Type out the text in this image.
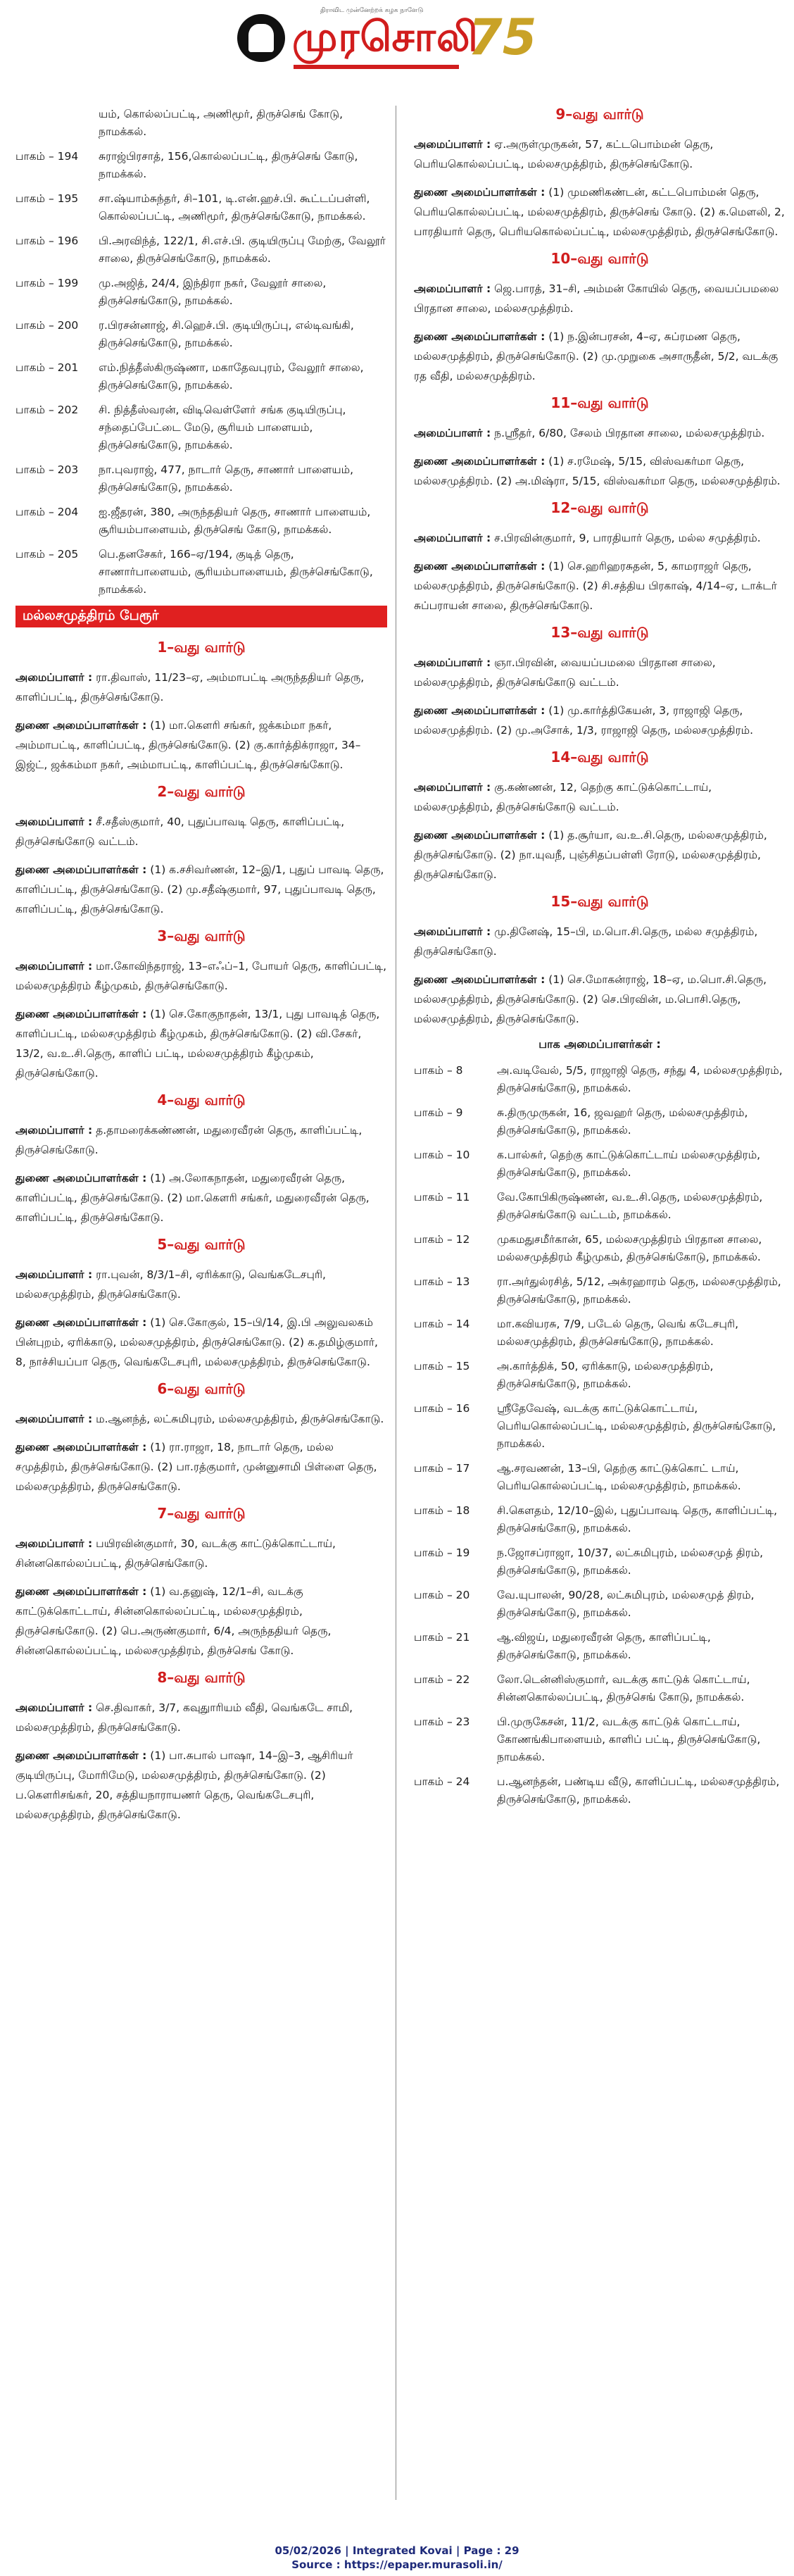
திராவிட முன்னேற்றக் கழக நாளேடு
முரசொலி
75
யம், கொல்லப்பட்டி, அணிமூர், திருச்செங் கோடு, நாமக்கல்.
பாகம் – 194	சுராஜ்பிரசாத், 156,கொல்லப்பட்டி, திருச்செங் கோடு, நாமக்கல்.
பாகம் – 195	சா.ஷ்யாம்சுந்தர், சி–101, டி.என்.ஹச்.பி. கூட்டப்பள்ளி, கொல்லப்பட்டி, அணிமூர், திருச்செங்கோடு, நாமக்கல்.
பாகம் – 196	பி.அரவிந்த், 122/1, சி.எச்.பி. குடியிருப்பு மேற்கு, வேலூர் சாலை, திருச்செங்கோடு, நாமக்கல்.
பாகம் – 199	மு.அஜித், 24/4, இந்திரா நகர், வேலூர் சாலை, திருச்செங்கோடு, நாமக்கல்.
பாகம் – 200	ர.பிரசன்னாஜ், சி.ஹெச்.பி. குடியிருப்பு, எல்டிவங்கி, திருச்செங்கோடு, நாமக்கல்.
பாகம் – 201	எம்.நித்தீஸ்கிருஷ்ணா, மகாதேவபுரம், வேலூர் சாலை, திருச்செங்கோடு, நாமக்கல்.
பாகம் – 202	சி. நித்தீஸ்வரன், விடிவெள்ளோ் சங்க குடியிருப்பு, சந்தைப்பேட்டை மேடு, சூரியம் பாளையம், திருச்செங்கோடு, நாமக்கல்.
பாகம் – 203	நா.புவராஜ், 477, நாடார் தெரு, சாணார் பாளையம், திருச்செங்கோடு, நாமக்கல்.
பாகம் – 204	ஐ.ஜீதரன், 380, அருந்ததியர் தெரு, சாணார் பாளையம், சூரியம்பாளையம், திருச்செங் கோடு, நாமக்கல்.
பாகம் – 205	பெ.தனசேகர், 166–ஏ/194, குடித் தெரு, சாணார்பாளையம், சூரியம்பாளையம், திருச்செங்கோடு, நாமக்கல்.
மல்லசமுத்திரம் பேரூர்
1–வது வார்டு
அமைப்பாளர் : ரா.திவாஸ், 11/23–ஏ, அம்மாபட்டி அருந்ததியர் தெரு, காளிப்பட்டி, திருச்செங்கோடு.
துணை அமைப்பாளர்கள் : (1) மா.கௌரி சங்கர், ஜக்கம்மா நகர், அம்மாபட்டி, காளிப்பட்டி, திருச்செங்கோடு. (2) கு.கார்த்திக்ராஜா, 34–இஜ்ட், ஜக்கம்மா நகர், அம்மாபட்டி, காளிப்பட்டி, திருச்செங்கோடு.
2–வது வார்டு
அமைப்பாளர் : சீ.சதீஸ்குமார், 40, புதுப்பாவடி தெரு, காளிப்பட்டி, திருச்செங்கோடு வட்டம்.
துணை அமைப்பாளர்கள் : (1) க.சசிவர்ணன், 12–இ/1, புதுப் பாவடி தெரு, காளிப்பட்டி, திருச்செங்கோடு. (2) மு.சதீஷ்குமார், 97, புதுப்பாவடி தெரு, காளிப்பட்டி, திருச்செங்கோடு.
3–வது வார்டு
அமைப்பாளர் : மா.கோவிந்தராஜ், 13–எஃப்–1, போயர் தெரு, காளிப்பட்டி, மல்லசமுத்திரம் கீழ்முகம், திருச்செங்கோடு.
துணை அமைப்பாளர்கள் : (1) செ.கோகுநாதன், 13/1, புது பாவடித் தெரு, காளிப்பட்டி, மல்லசமுத்திரம் கீழ்முகம், திருச்செங்கோடு. (2) வி.சேகர், 13/2, வ.உ.சி.தெரு, காளிப் பட்டி, மல்லசமுத்திரம் கீழ்முகம், திருச்செங்கோடு.
4–வது வார்டு
அமைப்பாளர் : த.தாமரைக்கண்ணன், மதுரைவீரன் தெரு, காளிப்பட்டி, திருச்செங்கோடு.
துணை அமைப்பாளர்கள் : (1) அ.லோகநாதன், மதுரைவீரன் தெரு, காளிப்பட்டி, திருச்செங்கோடு. (2) மா.கௌரி சங்கர், மதுரைவீரன் தெரு, காளிப்பட்டி, திருச்செங்கோடு.
5–வது வார்டு
அமைப்பாளர் : ரா.புவன், 8/3/1–சி, ஏரிக்காடு, வெங்கடேசபுரி, மல்லசமுத்திரம், திருச்செங்கோடு.
துணை அமைப்பாளர்கள் : (1) செ.கோகுல், 15–பி/14, இ.பி அலுவலகம் பின்புறம், ஏரிக்காடு, மல்லசமுத்திரம், திருச்செங்கோடு. (2) க.தமிழ்குமார், 8, நாச்சியப்பா தெரு, வெங்கடேசபுரி, மல்லசமுத்திரம், திருச்செங்கோடு.
6–வது வார்டு
அமைப்பாளர் : ம.ஆனந்த், லட்சுமிபுரம், மல்லசமுத்திரம், திருச்செங்கோடு.
துணை அமைப்பாளர்கள் : (1) ரா.ராஜா, 18, நாடார் தெரு, மல்ல சமுத்திரம், திருச்செங்கோடு. (2) பா.ரத்குமார், முன்னுசாமி பிள்ளை தெரு, மல்லசமுத்திரம், திருச்செங்கோடு.
7–வது வார்டு
அமைப்பாளர் : பயிரவின்குமார், 30, வடக்கு காட்டுக்கொட்டாய், சின்னகொல்லப்பட்டி, திருச்செங்கோடு.
துணை அமைப்பாளர்கள் : (1) வ.தனுஷ், 12/1–சி, வடக்கு காட்டுக்கொட்டாய், சின்னகொல்லப்பட்டி, மல்லசமுத்திரம், திருச்செங்கோடு. (2) பெ.அருண்குமார், 6/4, அருந்ததியர் தெரு, சின்னகொல்லப்பட்டி, மல்லசமுத்திரம், திருச்செங் கோடு.
8–வது வார்டு
அமைப்பாளர் : செ.திவாகர், 3/7, கவுதுாரியம் வீதி, வெங்கடே சாமி, மல்லசமுத்திரம், திருச்செங்கோடு.
துணை அமைப்பாளர்கள் : (1) பா.சுபால் பாஷா, 14–இ–3, ஆசிரியர் குடியிருப்பு, மோரிமேடு, மல்லசமுத்திரம், திருச்செங்கோடு. (2) ப.கௌரிசங்கர், 20, சத்தியநாராயணர் தெரு, வெங்கடேசபுரி, மல்லசமுத்திரம், திருச்செங்கோடு.
9–வது வார்டு
அமைப்பாளர் : ஏ.அருள்முருகன், 57, கட்டபொம்மன் தெரு, பெரியகொல்லப்பட்டி, மல்லசமுத்திரம், திருச்செங்கோடு.
துணை அமைப்பாளர்கள் : (1) முமணிகண்டன், கட்டபொம்மன் தெரு, பெரியகொல்லப்பட்டி, மல்லசமுத்திரம், திருச்செங் கோடு. (2) க.மௌலி, 2, பாரதியார் தெரு, பெரியகொல்லப்பட்டி, மல்லசமுத்திரம், திருச்செங்கோடு.
10–வது வார்டு
அமைப்பாளர் : ஜெ.பாரத், 31–சி, அம்மன் கோயில் தெரு, வையப்பமலை பிரதான சாலை, மல்லசமுத்திரம்.
துணை அமைப்பாளர்கள் : (1) ந.இன்பரசன், 4–ஏ, சுப்ரமண தெரு, மல்லசமுத்திரம், திருச்செங்கோடு. (2) மு.முறுகை அசாருதீன், 5/2, வடக்கு ரத வீதி, மல்லசமுத்திரம்.
11–வது வார்டு
அமைப்பாளர் : ந.ஸ்ரீதர், 6/80, சேலம் பிரதான சாலை, மல்லசமுத்திரம்.
துணை அமைப்பாளர்கள் : (1) ச.ரமேஷ், 5/15, விஸ்வகர்மா தெரு, மல்லசமுத்திரம். (2) அ.மிஷ்ரா, 5/15, விஸ்வகர்மா தெரு, மல்லசமுத்திரம்.
12–வது வார்டு
அமைப்பாளர் : ச.பிரவின்குமார், 9, பாரதியார் தெரு, மல்ல சமுத்திரம்.
துணை அமைப்பாளர்கள் : (1) செ.ஹரிஹரசுதன், 5, காமராஜர் தெரு, மல்லசமுத்திரம், திருச்செங்கோடு. (2) சி.சத்திய பிரகாஷ், 4/14–ஏ, டாக்டர் சுப்பராயன் சாலை, திருச்செங்கோடு.
13–வது வார்டு
அமைப்பாளர் : ஞா.பிரவின், வையப்பமலை பிரதான சாலை, மல்லசமுத்திரம், திருச்செங்கோடு வட்டம்.
துணை அமைப்பாளர்கள் : (1) மு.கார்த்திகேயன், 3, ராஜாஜி தெரு, மல்லசமுத்திரம். (2) மு.அசோக், 1/3, ராஜாஜி தெரு, மல்லசமுத்திரம்.
14–வது வார்டு
அமைப்பாளர் : கு.கண்ணன், 12, தெற்கு காட்டுக்கொட்டாய், மல்லசமுத்திரம், திருச்செங்கோடு வட்டம்.
துணை அமைப்பாளர்கள் : (1) த.சூர்யா, வ.உ.சி.தெரு, மல்லசமுத்திரம், திருச்செங்கோடு. (2) நா.யுவநீ, புஞ்சிதப்பள்ளி ரோடு, மல்லசமுத்திரம், திருச்செங்கோடு.
15–வது வார்டு
அமைப்பாளர் : மு.தினேஷ், 15–பி, ம.பொ.சி.தெரு, மல்ல சமுத்திரம், திருச்செங்கோடு.
துணை அமைப்பாளர்கள் : (1) செ.மோகன்ராஜ், 18–ஏ, ம.பொ.சி.தெரு, மல்லசமுத்திரம், திருச்செங்கோடு. (2) செ.பிரவின், ம.பொசி.தெரு, மல்லசமுத்திரம், திருச்செங்கோடு.
பாக அமைப்பாளர்கள் :
பாகம் – 8	அ.வடிவேல், 5/5, ராஜாஜி தெரு, சந்து 4, மல்லசமுத்திரம், திருச்செங்கோடு, நாமக்கல்.
பாகம் – 9	சு.திருமுருகன், 16, ஜவஹர் தெரு, மல்லசமுத்திரம், திருச்செங்கோடு, நாமக்கல்.
பாகம் – 10	க.பால்சுர், தெற்கு காட்டுக்கொட்டாய் மல்லசமுத்திரம், திருச்செங்கோடு, நாமக்கல்.
பாகம் – 11	வே.கோபிகிருஷ்ணன், வ.உ.சி.தெரு, மல்லசமுத்திரம், திருச்செங்கோடு வட்டம், நாமக்கல்.
பாகம் – 12	முகமதுசமீர்கான், 65, மல்லசமுத்திரம் பிரதான சாலை, மல்லசமுத்திரம் கீழ்முகம், திருச்செங்கோடு, நாமக்கல்.
பாகம் – 13	ரா.அர்துல்ரசித், 5/12, அக்ரஹாரம் தெரு, மல்லசமுத்திரம், திருச்செங்கோடு, நாமக்கல்.
பாகம் – 14	மா.கவியரசு, 7/9, படேல் தெரு, வெங் கடேசபுரி, மல்லசமுத்திரம், திருச்செங்கோடு, நாமக்கல்.
பாகம் – 15	அ.கார்த்திக், 50, ஏரிக்காடு, மல்லசமுத்திரம், திருச்செங்கோடு, நாமக்கல்.
பாகம் – 16	ஸ்ரீதேவேஷ், வடக்கு காட்டுக்கொட்டாய், பெரியகொல்லப்பட்டி, மல்லசமுத்திரம், திருச்செங்கோடு, நாமக்கல்.
பாகம் – 17	ஆ.சரவணன், 13–பி, தெற்கு காட்டுக்கொட் டாய், பெரியகொல்லப்பட்டி, மல்லசமுத்திரம், நாமக்கல்.
பாகம் – 18	சி.கௌதம், 12/10–இல், புதுப்பாவடி தெரு, காளிப்பட்டி, திருச்செங்கோடு, நாமக்கல்.
பாகம் – 19	ந.ஜோசப்ராஜா, 10/37, லட்சுமிபுரம், மல்லசமுத் திரம், திருச்செங்கோடு, நாமக்கல்.
பாகம் – 20	வே.யுபாலன், 90/28, லட்சுமிபுரம், மல்லசமுத் திரம், திருச்செங்கோடு, நாமக்கல்.
பாகம் – 21	ஆ.விஜய், மதுரைவீரன் தெரு, காளிப்பட்டி, திருச்செங்கோடு, நாமக்கல்.
பாகம் – 22	லோ.டென்னிஸ்குமார், வடக்கு காட்டுக் கொட்டாய், சின்னகொல்லப்பட்டி, திருச்செங் கோடு, நாமக்கல்.
பாகம் – 23	பி.முருகேசன், 11/2, வடக்கு காட்டுக் கொட்டாய், கோணங்கிபாளையம், காளிப் பட்டி, திருச்செங்கோடு, நாமக்கல்.
பாகம் – 24	ப.ஆனந்தன், பண்டிய வீடு, காளிப்பட்டி, மல்லசமுத்திரம், திருச்செங்கோடு, நாமக்கல்.
05/02/2026 | Integrated Kovai | Page : 29
Source : https://epaper.murasoli.in/
